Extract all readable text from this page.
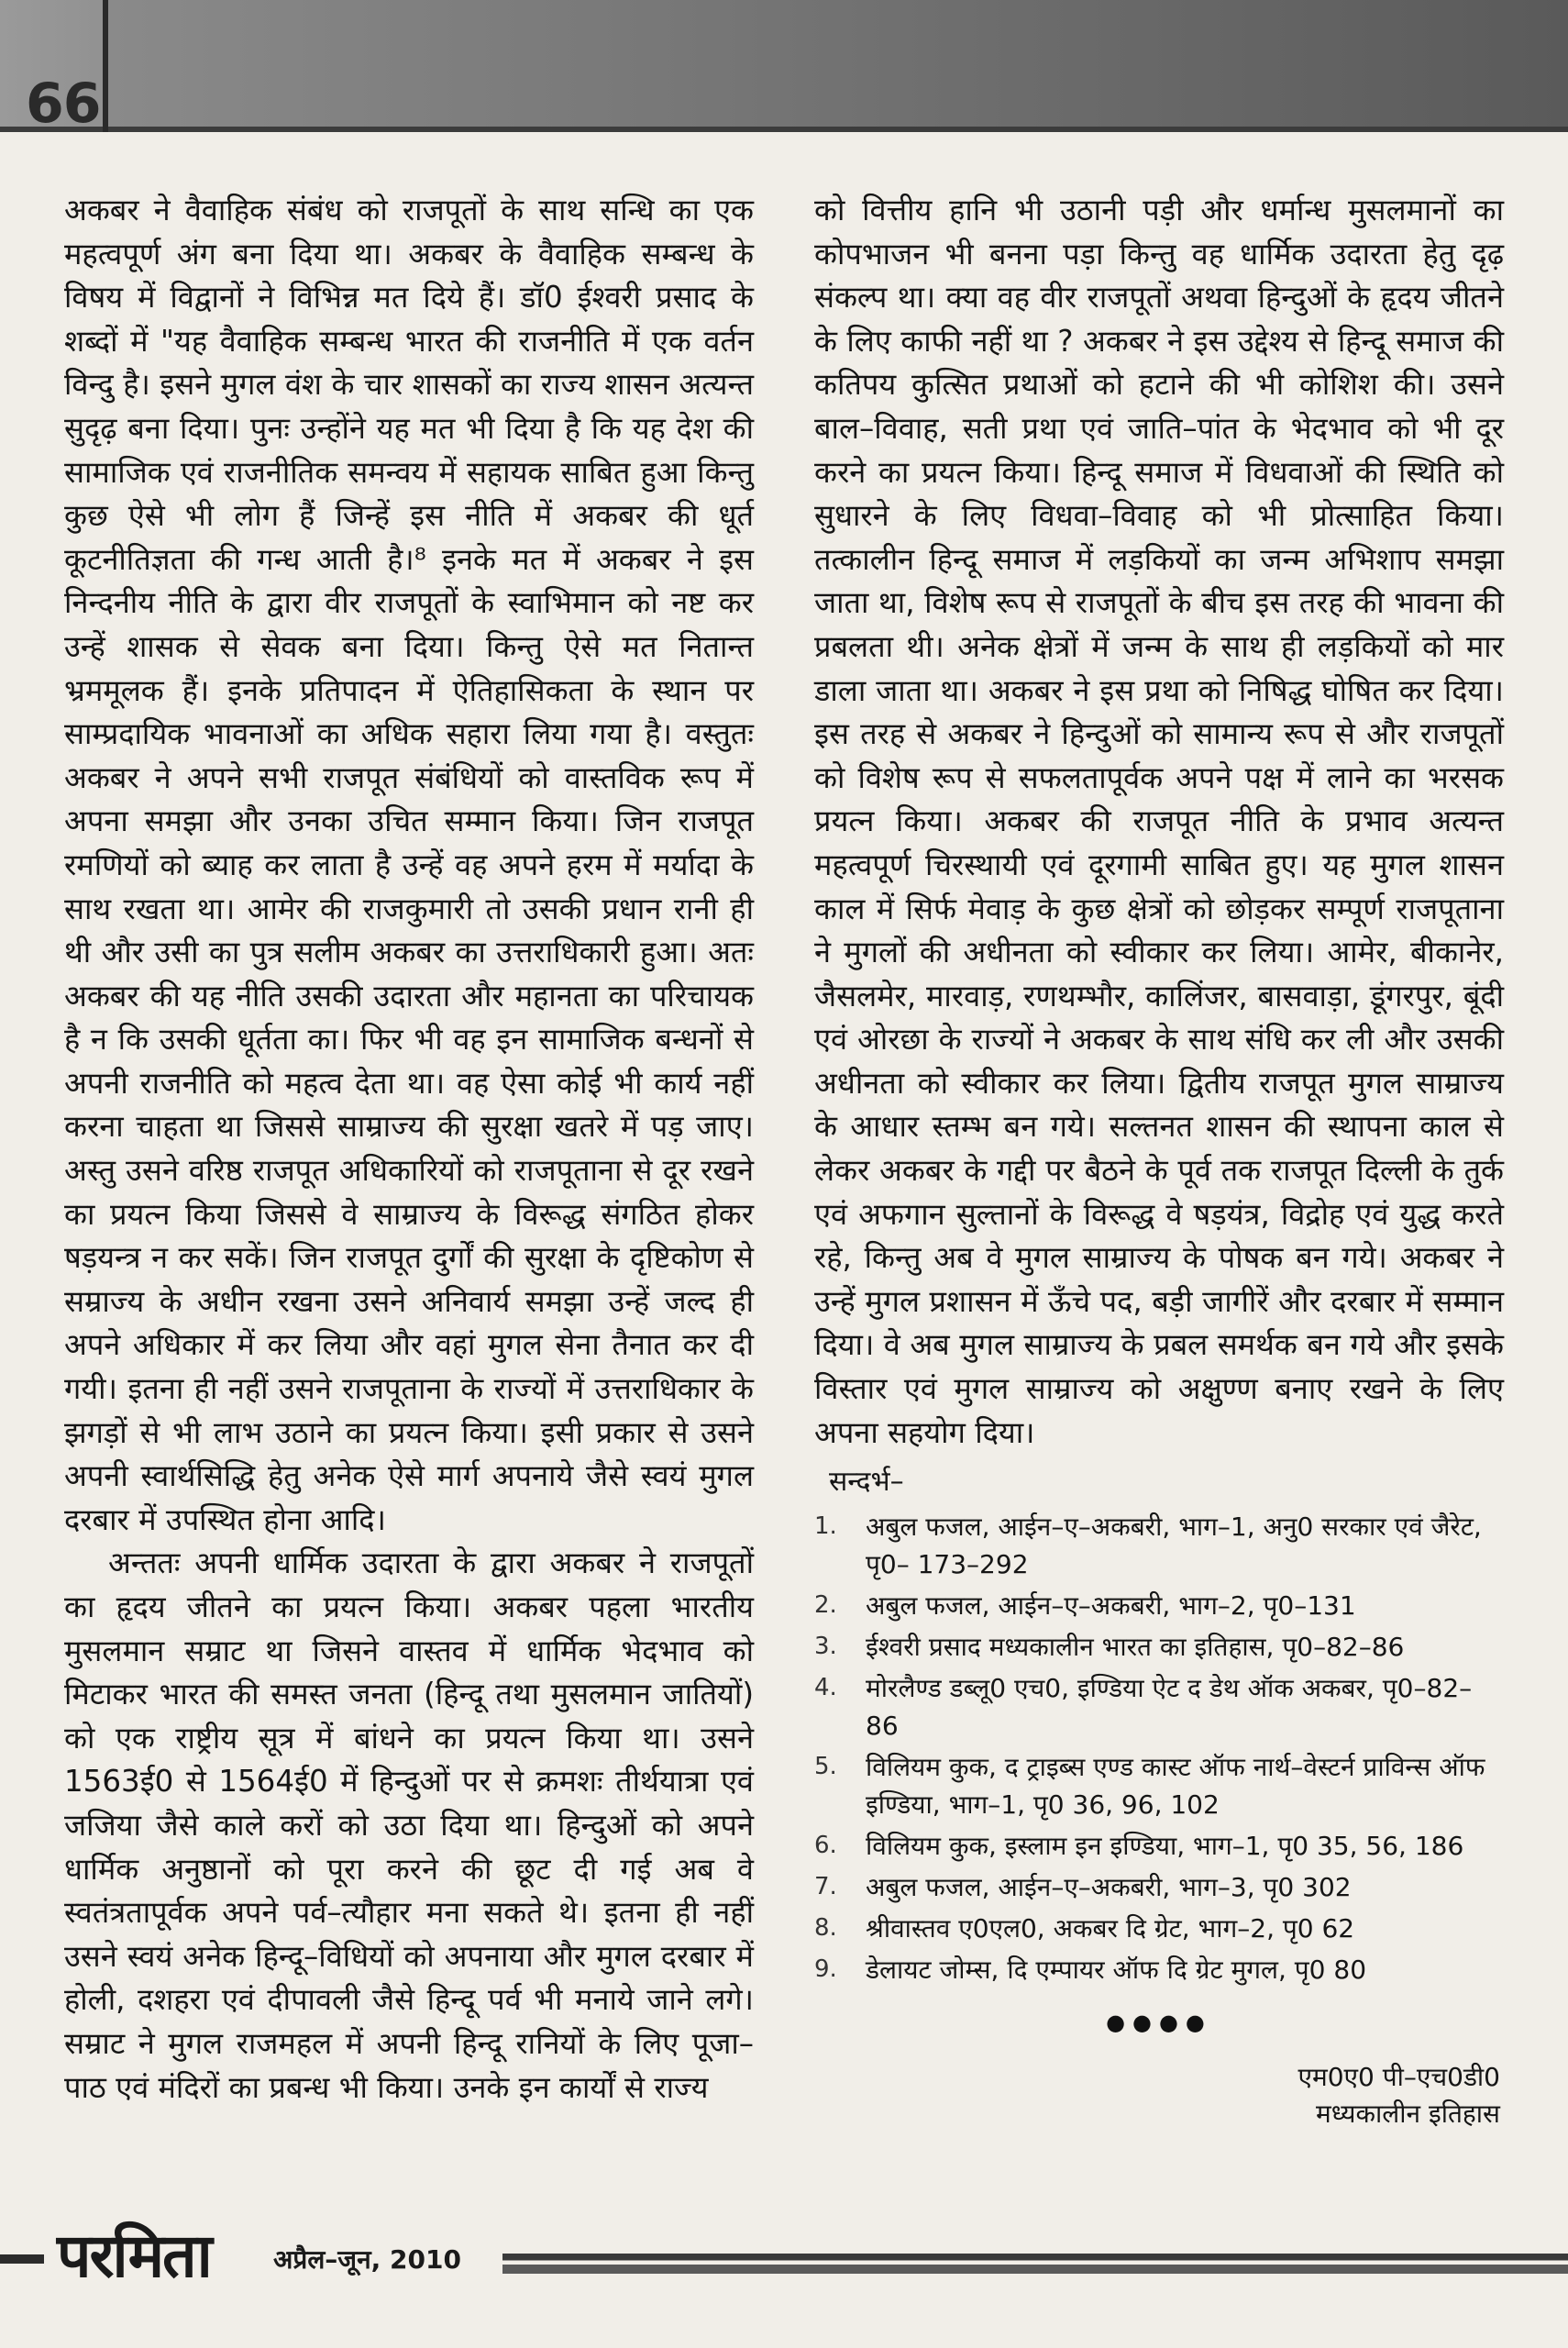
66

अकबर ने वैवाहिक संबंध को राजपूतों के साथ सन्धि का एक महत्वपूर्ण अंग बना दिया था। अकबर के वैवाहिक सम्बन्ध के विषय में विद्वानों ने विभिन्न मत दिये हैं। डॉ0 ईश्वरी प्रसाद के शब्दों में "यह वैवाहिक सम्बन्ध भारत की राजनीति में एक वर्तन विन्दु है। इसने मुगल वंश के चार शासकों का राज्य शासन अत्यन्त सुदृढ़ बना दिया। पुनः उन्होंने यह मत भी दिया है कि यह देश की सामाजिक एवं राजनीतिक समन्वय में सहायक साबित हुआ किन्तु कुछ ऐसे भी लोग हैं जिन्हें इस नीति में अकबर की धूर्त कूटनीतिज्ञता की गन्ध आती है।⁸ इनके मत में अकबर ने इस निन्दनीय नीति के द्वारा वीर राजपूतों के स्वाभिमान को नष्ट कर उन्हें शासक से सेवक बना दिया। किन्तु ऐसे मत नितान्त भ्रममूलक हैं। इनके प्रतिपादन में ऐतिहासिकता के स्थान पर साम्प्रदायिक भावनाओं का अधिक सहारा लिया गया है। वस्तुतः अकबर ने अपने सभी राजपूत संबंधियों को वास्तविक रूप में अपना समझा और उनका उचित सम्मान किया। जिन राजपूत रमणियों को ब्याह कर लाता है उन्हें वह अपने हरम में मर्यादा के साथ रखता था। आमेर की राजकुमारी तो उसकी प्रधान रानी ही थी और उसी का पुत्र सलीम अकबर का उत्तराधिकारी हुआ। अतः अकबर की यह नीति उसकी उदारता और महानता का परिचायक है न कि उसकी धूर्तता का। फिर भी वह इन सामाजिक बन्धनों से अपनी राजनीति को महत्व देता था। वह ऐसा कोई भी कार्य नहीं करना चाहता था जिससे साम्राज्य की सुरक्षा खतरे में पड़ जाए। अस्तु उसने वरिष्ठ राजपूत अधिकारियों को राजपूताना से दूर रखने का प्रयत्न किया जिससे वे साम्राज्य के विरूद्ध संगठित होकर षड़यन्त्र न कर सकें। जिन राजपूत दुर्गों की सुरक्षा के दृष्टिकोण से सम्राज्य के अधीन रखना उसने अनिवार्य समझा उन्हें जल्द ही अपने अधिकार में कर लिया और वहां मुगल सेना तैनात कर दी गयी। इतना ही नहीं उसने राजपूताना के राज्यों में उत्तराधिकार के झगड़ों से भी लाभ उठाने का प्रयत्न किया। इसी प्रकार से उसने अपनी स्वार्थसिद्धि हेतु अनेक ऐसे मार्ग अपनाये जैसे स्वयं मुगल दरबार में उपस्थित होना आदि।

अन्ततः अपनी धार्मिक उदारता के द्वारा अकबर ने राजपूतों का हृदय जीतने का प्रयत्न किया। अकबर पहला भारतीय मुसलमान सम्राट था जिसने वास्तव में धार्मिक भेदभाव को मिटाकर भारत की समस्त जनता (हिन्दू तथा मुसलमान जातियों) को एक राष्ट्रीय सूत्र में बांधने का प्रयत्न किया था। उसने 1563ई0 से 1564ई0 में हिन्दुओं पर से क्रमशः तीर्थयात्रा एवं जजिया जैसे काले करों को उठा दिया था। हिन्दुओं को अपने धार्मिक अनुष्ठानों को पूरा करने की छूट दी गई अब वे स्वतंत्रतापूर्वक अपने पर्व–त्यौहार मना सकते थे। इतना ही नहीं उसने स्वयं अनेक हिन्दू–विधियों को अपनाया और मुगल दरबार में होली, दशहरा एवं दीपावली जैसे हिन्दू पर्व भी मनाये जाने लगे। सम्राट ने मुगल राजमहल में अपनी हिन्दू रानियों के लिए पूजा–पाठ एवं मंदिरों का प्रबन्ध भी किया। उनके इन कार्यों से राज्य

को वित्तीय हानि भी उठानी पड़ी और धर्मान्ध मुसलमानों का कोपभाजन भी बनना पड़ा किन्तु वह धार्मिक उदारता हेतु दृढ़ संकल्प था। क्या वह वीर राजपूतों अथवा हिन्दुओं के हृदय जीतने के लिए काफी नहीं था ? अकबर ने इस उद्देश्य से हिन्दू समाज की कतिपय कुत्सित प्रथाओं को हटाने की भी कोशिश की। उसने बाल–विवाह, सती प्रथा एवं जाति–पांत के भेदभाव को भी दूर करने का प्रयत्न किया। हिन्दू समाज में विधवाओं की स्थिति को सुधारने के लिए विधवा–विवाह को भी प्रोत्साहित किया। तत्कालीन हिन्दू समाज में लड़कियों का जन्म अभिशाप समझा जाता था, विशेष रूप से राजपूतों के बीच इस तरह की भावना की प्रबलता थी। अनेक क्षेत्रों में जन्म के साथ ही लड़कियों को मार डाला जाता था। अकबर ने इस प्रथा को निषिद्ध घोषित कर दिया। इस तरह से अकबर ने हिन्दुओं को सामान्य रूप से और राजपूतों को विशेष रूप से सफलतापूर्वक अपने पक्ष में लाने का भरसक प्रयत्न किया। अकबर की राजपूत नीति के प्रभाव अत्यन्त महत्वपूर्ण चिरस्थायी एवं दूरगामी साबित हुए। यह मुगल शासन काल में सिर्फ मेवाड़ के कुछ क्षेत्रों को छोड़कर सम्पूर्ण राजपूताना ने मुगलों की अधीनता को स्वीकार कर लिया। आमेर, बीकानेर, जैसलमेर, मारवाड़, रणथम्भौर, कालिंजर, बासवाड़ा, डूंगरपुर, बूंदी एवं ओरछा के राज्यों ने अकबर के साथ संधि कर ली और उसकी अधीनता को स्वीकार कर लिया। द्वितीय राजपूत मुगल साम्राज्य के आधार स्तम्भ बन गये। सल्तनत शासन की स्थापना काल से लेकर अकबर के गद्दी पर बैठने के पूर्व तक राजपूत दिल्ली के तुर्क एवं अफगान सुल्तानों के विरूद्ध वे षड़यंत्र, विद्रोह एवं युद्ध करते रहे, किन्तु अब वे मुगल साम्राज्य के पोषक बन गये। अकबर ने उन्हें मुगल प्रशासन में ऊँचे पद, बड़ी जागीरें और दरबार में सम्मान दिया। वे अब मुगल साम्राज्य के प्रबल समर्थक बन गये और इसके विस्तार एवं मुगल साम्राज्य को अक्षुण्ण बनाए रखने के लिए अपना सहयोग दिया।

सन्दर्भ–
1.	अबुल फजल, आईन–ए–अकबरी, भाग–1, अनु0 सरकार एवं जैरेट, पृ0– 173–292
2.	अबुल फजल, आईन–ए–अकबरी, भाग–2, पृ0–131
3.	ईश्वरी प्रसाद मध्यकालीन भारत का इतिहास, पृ0–82–86
4.	मोरलैण्ड डब्लू0 एच0, इण्डिया ऐट द डेथ ऑक अकबर, पृ0–82–86
5.	विलियम कुक, द ट्राइब्स एण्ड कास्ट ऑफ नार्थ–वेस्टर्न प्राविन्स ऑफ इण्डिया, भाग–1, पृ0 36, 96, 102
6.	विलियम कुक, इस्लाम इन इण्डिया, भाग–1, पृ0 35, 56, 186
7.	अबुल फजल, आईन–ए–अकबरी, भाग–3, पृ0 302
8.	श्रीवास्तव ए0एल0, अकबर दि ग्रेट, भाग–2, पृ0 62
9.	डेलायट जोम्स, दि एम्पायर ऑफ दि ग्रेट मुगल, पृ0 80
●●●●
एम0ए0 पी–एच0डी0
मध्यकालीन इतिहास
परमिता अप्रैल–जून, 2010
